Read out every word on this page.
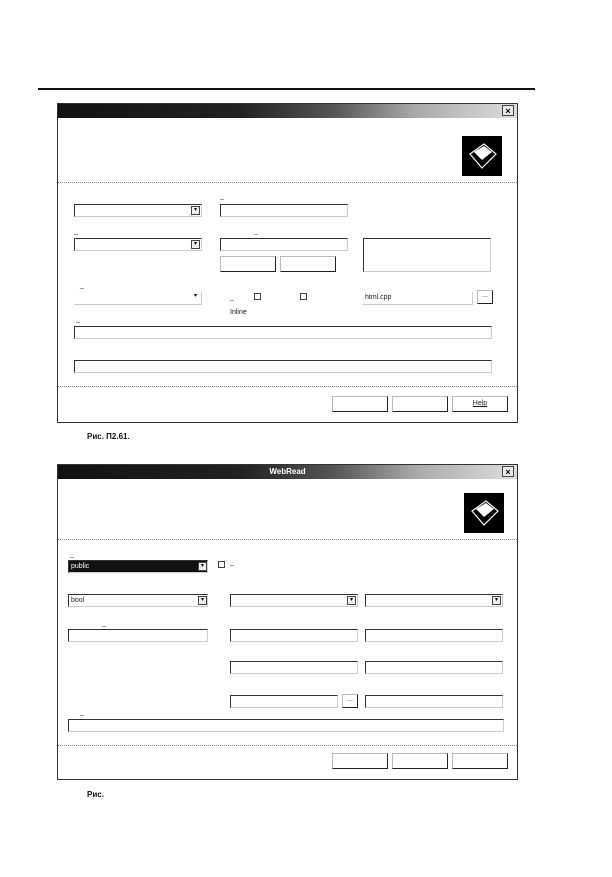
×
▾
_
_
▾
_
_
▾	_
Inline
html.cpp	...
_
Help
Рис. П2.61.
WebRead	×
_
public	▾	_
bool	▾	▾	▾
_
...
_
Рис.
